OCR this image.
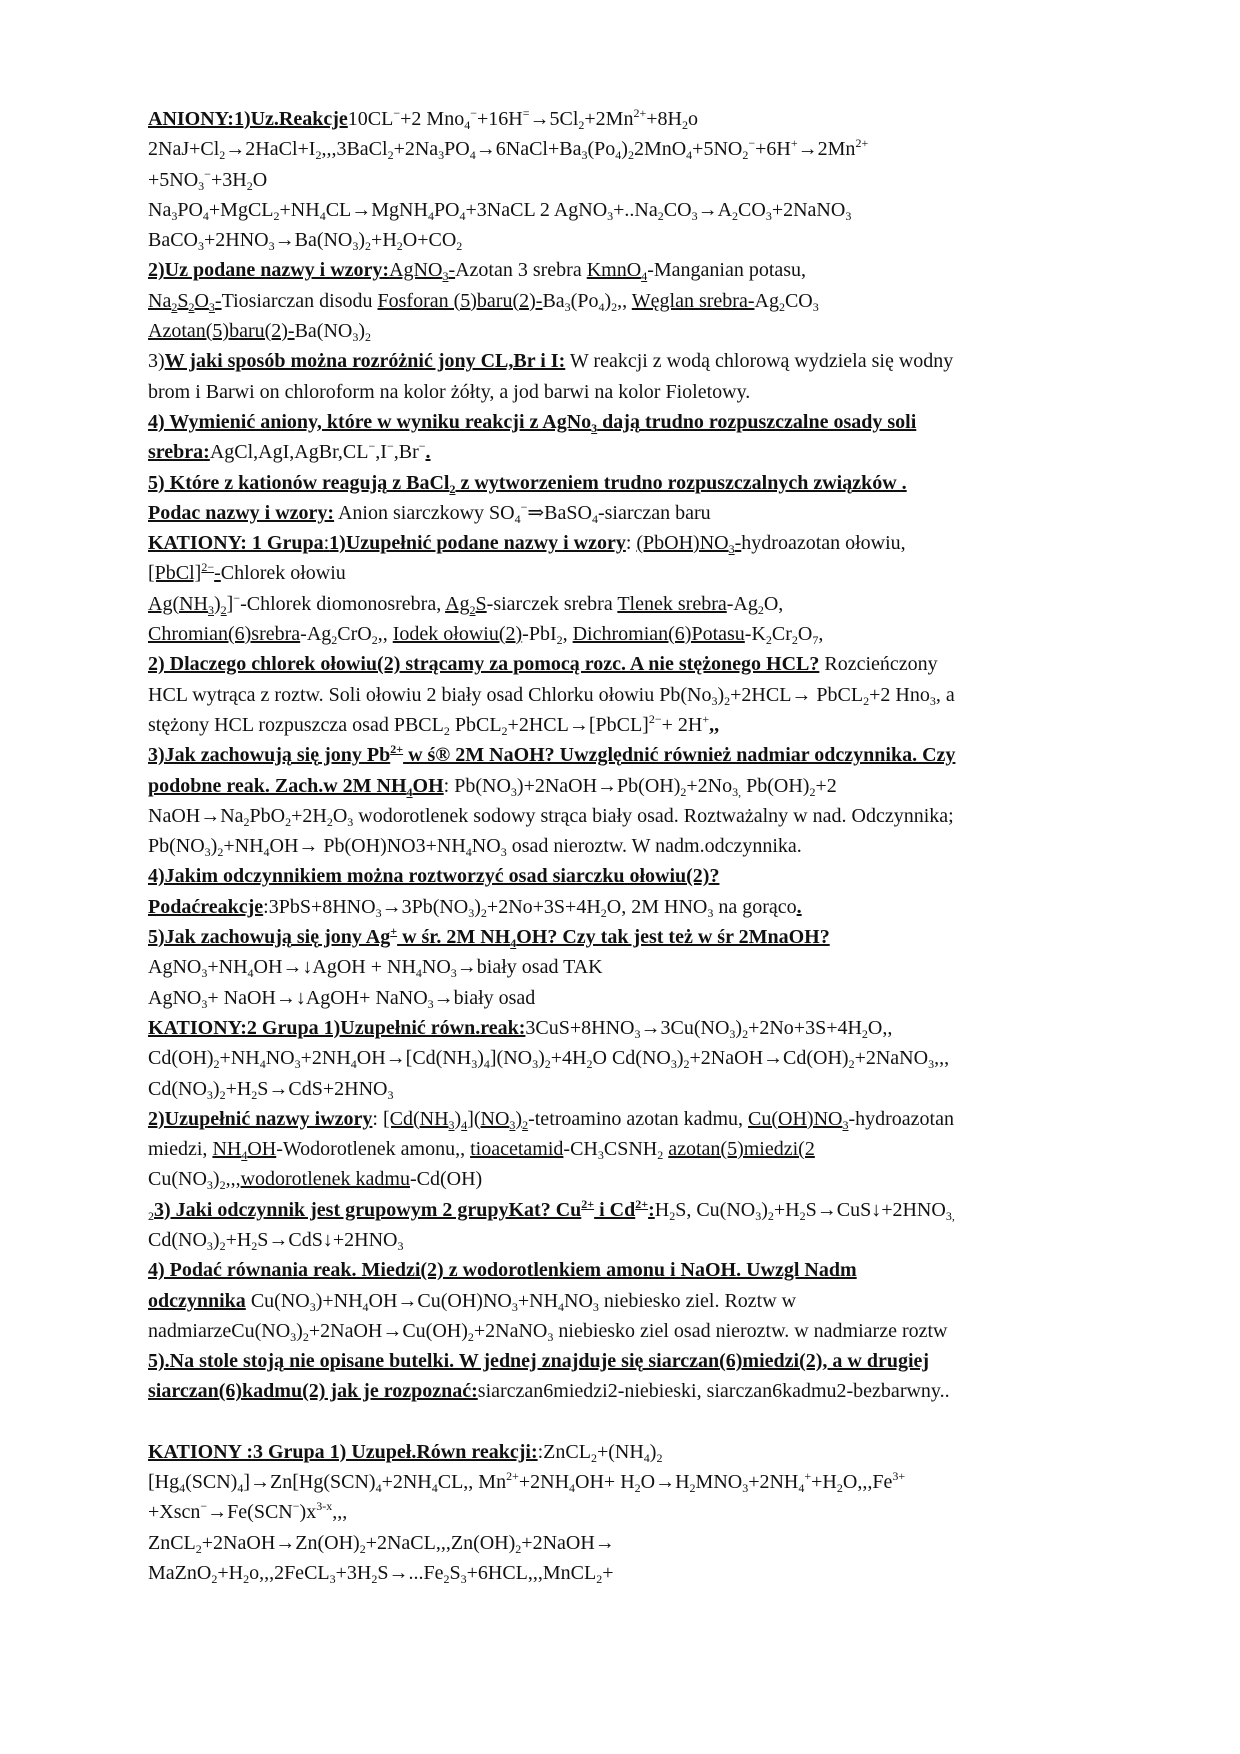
ANIONY:1)Uz.Reakcje10CL−+2 $Mno_4^-+16H^=\to 5Cl_2+2Mn^{2+}+8H_2o$
$2NaJ+Cl_2\to 2HaCl+I_2,,,3BaCl_2+2Na_3PO_4\to 6NaCl+Ba_3(Po_4)_22MnO_4+5NO_2^-+6H^+\to 2Mn^{2+}$
$+5NO_3^-+3H_2O$
$Na_3PO_4+MgCL_2+NH_4CL\to MgNH_4PO_4+3NaCL$ 2 $AgNO_3+..Na_2CO_3\to A_2CO_3+2NaNO_3$
$BaCO_3+2HNO_3\to Ba(NO_3)_2+H_2O+CO_2$
2)Uz podane nazwy i wzory:AgNO$_3$-Azotan 3 srebra KmnO$_4$-Manganian potasu,
$Na_2S_2O_3$-Tiosiarczan disodu Fosforan $(5)baru(2)-Ba_3(Po_4)_2$,, Węglan srebra-$Ag_2CO_3$
$Azotan(5)baru(2)-Ba(NO_3)_2$
3)W jaki sposób można rozróżnić jony CL,Br i I: W reakcji z wodą chlorową wydziela się wodny
brom i Barwi on chloroform na kolor żółty, a jod barwi na kolor Fioletowy.
4) Wymienić aniony, które w wyniku reakcji z AgNo$_3$ dają trudno rozpuszczalne osady soli
srebra:AgCl,AgI,AgBr,CL−,I−,Br−.
5) Które z kationów reagują z BaCl$_2$ z wytworzeniem trudno rozpuszczalnych związków .
Podac nazwy i wzory: Anion siarczkowy $SO_4^-\Rightarrow BaSO_4$-siarczan baru
KATIONY: 1 Grupa:1)Uzupełnić podane nazwy i wzory: $(PbOH)NO_3$-hydroazotan ołowiu,
[PbCl]$^{2-}$-Chlorek ołowiu
$Ag(NH_3)_2]^-$-Chlorek diomonosrebra, $Ag_2S$-siarczek srebra Tlenek srebra-$Ag_2O$,
$Chromian(6)srebra-Ag_2CrO_2$,, Iodek ołowiu(2)-PbI$_2$, $Dichromian(6)Potasu-K_2Cr_2O_7$,
2) Dlaczego chlorek ołowiu(2) strącamy za pomocą rozc. A nie stężonego HCL? Rozcieńczony
HCL wytrąca z roztw. Soli ołowiu 2 biały osad Chlorku ołowiu $Pb(No_3)_2+2HCL\to$ PbCL$_2$+2 Hno$_3$, a
stężony HCL rozpuszcza osad $PBCL_2$ PbCL$_2$+2HCL→[PbCL]$^{2-}$+ 2H+,,
3)Jak zachowują się jony $Pb^{2+}$ w ś® 2M NaOH? Uwzględnić również nadmiar odczynnika. Czy
podobne reak. Zach.w 2M $NH_4OH$: $Pb(NO_3)+2NaOH\to Pb(OH)_2+2No_{3,}$ $Pb(OH)_2+2$
$NaOH\to Na_2PbO_2+2H_2O_3$ wodorotlenek sodowy strąca biały osad. Roztważalny w nad. Odczynnika;
$Pb(NO_3)_2+NH_4OH\to Pb(OH)NO3+NH_4NO_3$ osad nieroztw. W nadm.odczynnika.
4)Jakim odczynnikiem można roztworzyć osad siarczku ołowiu(2)?
$Podaćreakcje:3PbS+8HNO_3\to 3Pb(NO_3)_2+2No+3S+4H_2O$, 2M $HNO_3$ na gorąco.
5)Jak zachowują się jony Ag+ w śr. 2M $NH_4OH$? Czy tak jest też w śr 2MnaOH?
$AgNO_3+NH_4OH\to↓AgOH$ + $NH_4NO_3\to biały$ osad TAK
AgNO$_3$+ NaOH→↓AgOH+ NaNO$_3$→biały osad
KATIONY:2 Grupa 1)Uzupełnić $równ.reak:3CuS+8HNO_3\to 3Cu(NO_3)_2+2No+3S+4H_2O$,,
$Cd(OH)_2+NH_4NO_3+2NH_4OH\to[Cd(NH_3)_4](NO_3)_2+4H_2O$ $Cd(NO_3)_2+2NaOH\to Cd(OH)_2+2NaNO_3$,,,
$Cd(NO_3)_2+H_2S\to CdS+2HNO_3$
2)Uzupełnić nazwy iwzory: $[Cd(NH_3)_4](NO_3)_2$-tetroamino azotan kadmu, $Cu(OH)NO_3$-hydroazotan
miedzi, $NH_4OH$-Wodorotlenek amonu,, tioacetamid-$CH_3CSNH_2$ azotan(5)miedzi(2
$Cu(NO_3)_2,,,wodorotlenek$ kadmu-Cd(OH)
$_2$3) Jaki odczynnik jest grupowym 2 grupyKat? $Cu^{2+}$ i $Cd^{2+}:H_2S$, $Cu(NO_3)_2+H_2S\to CuS↓+2HNO_{3,}$
$Cd(NO_3)_2+H_2S\to CdS↓+2HNO_3$
4) Podać równania reak. Miedzi(2) z wodorotlenkiem amonu i NaOH. Uwzgl Nadm
odczynnika $Cu(NO_3)+NH_4OH\to Cu(OH)NO_3+NH_4NO_3$ niebiesko ziel. Roztw w
$nadmiarzeCu(NO_3)_2+2NaOH\to Cu(OH)_2+2NaNO_3$ niebiesko ziel osad nieroztw. w nadmiarze roztw
5).Na stole stoją nie opisane butelki. W jednej znajduje się siarczan(6)miedzi(2), a w drugiej
siarczan(6)kadmu(2) jak je rozpoznać:siarczan6miedzi2-niebieski, siarczan6kadmu2-bezbarwny..
KATIONY :3 Grupa 1) Uzupeł.Równ $reakcji::ZnCL_2+(NH_4)_2$
$[Hg_4(SCN)_4]\to Zn[Hg(SCN)_4+2NH_4CL$,, $Mn^{2+}+2NH_4OH+ H_2O\to H_2MNO_3+2NH_4^++H_2O,,,Fe^{3+}$
$+Xscn^-\to Fe(SCN^-)x^{3-x}$,,,
$ZnCL_2+2NaOH\to Zn(OH)_2+2NaCL,,,Zn(OH)_2+2NaOH\to$
$MaZnO_2+H_2o,,,2FeCL_3+3H_2S\to...Fe_2S_3+6HCL,,,MnCL_2+$
